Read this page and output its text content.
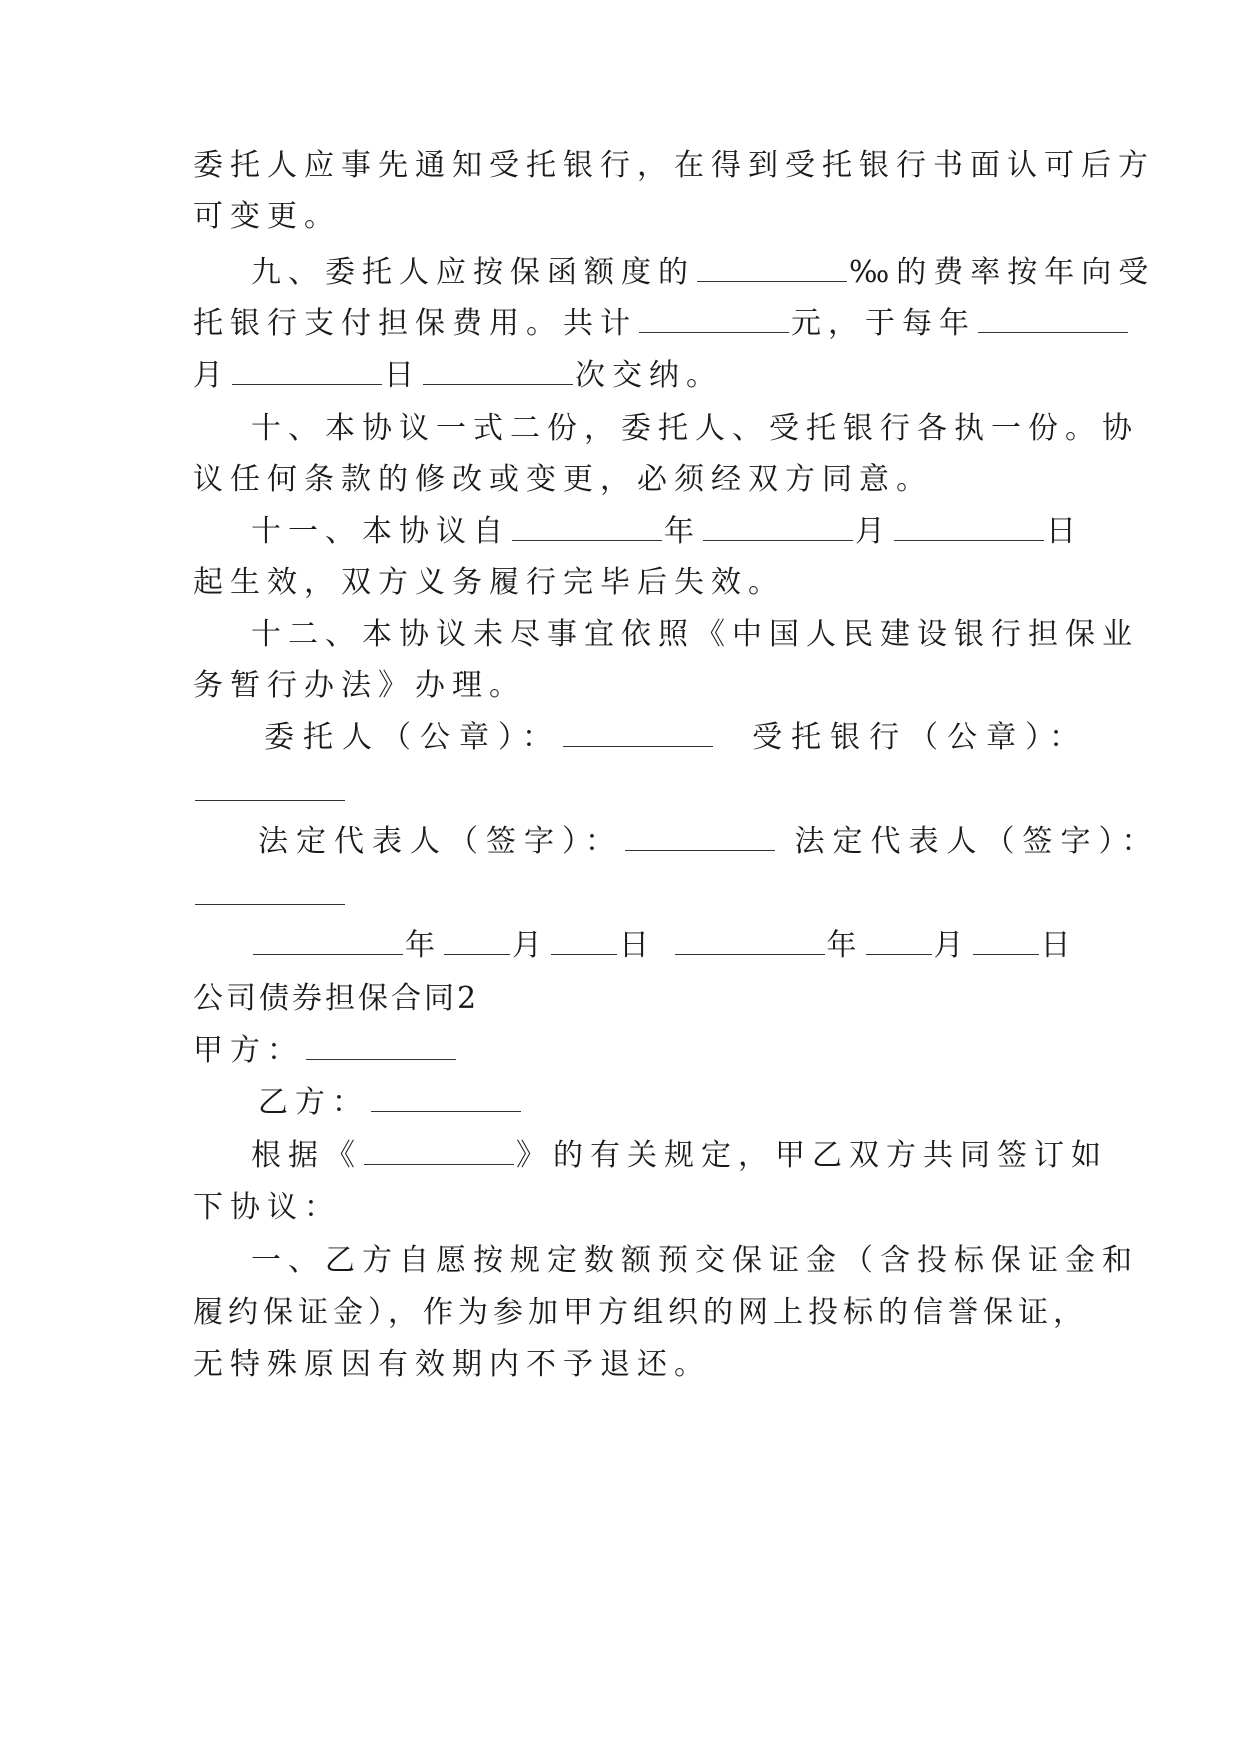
委托人应事先通知受托银行，在得到受托银行书面认可后方

可变更。

九、委托人应按保函额度的	‰的费率按年向受

托银行支付担保费用。共计	元，于每年

月	日	次交纳。

十、本协议一式二份，委托人、受托银行各执一份。协

议任何条款的修改或变更，必须经双方同意。

十一、本协议自	年	月	日

起生效，双方义务履行完毕后失效。

十二、本协议未尽事宜依照《中国人民建设银行担保业

务暂行办法》办理。

委托人（公章）：	受托银行（公章）：

法定代表人（签字）：	法定代表人（签字）：

年 月 日	年 月 日

公司债券担保合同2

甲方：

乙方：

根据《	》的有关规定，甲乙双方共同签订如

下协议：

一、乙方自愿按规定数额预交保证金（含投标保证金和

履约保证金），作为参加甲方组织的网上投标的信誉保证，

无特殊原因有效期内不予退还。
